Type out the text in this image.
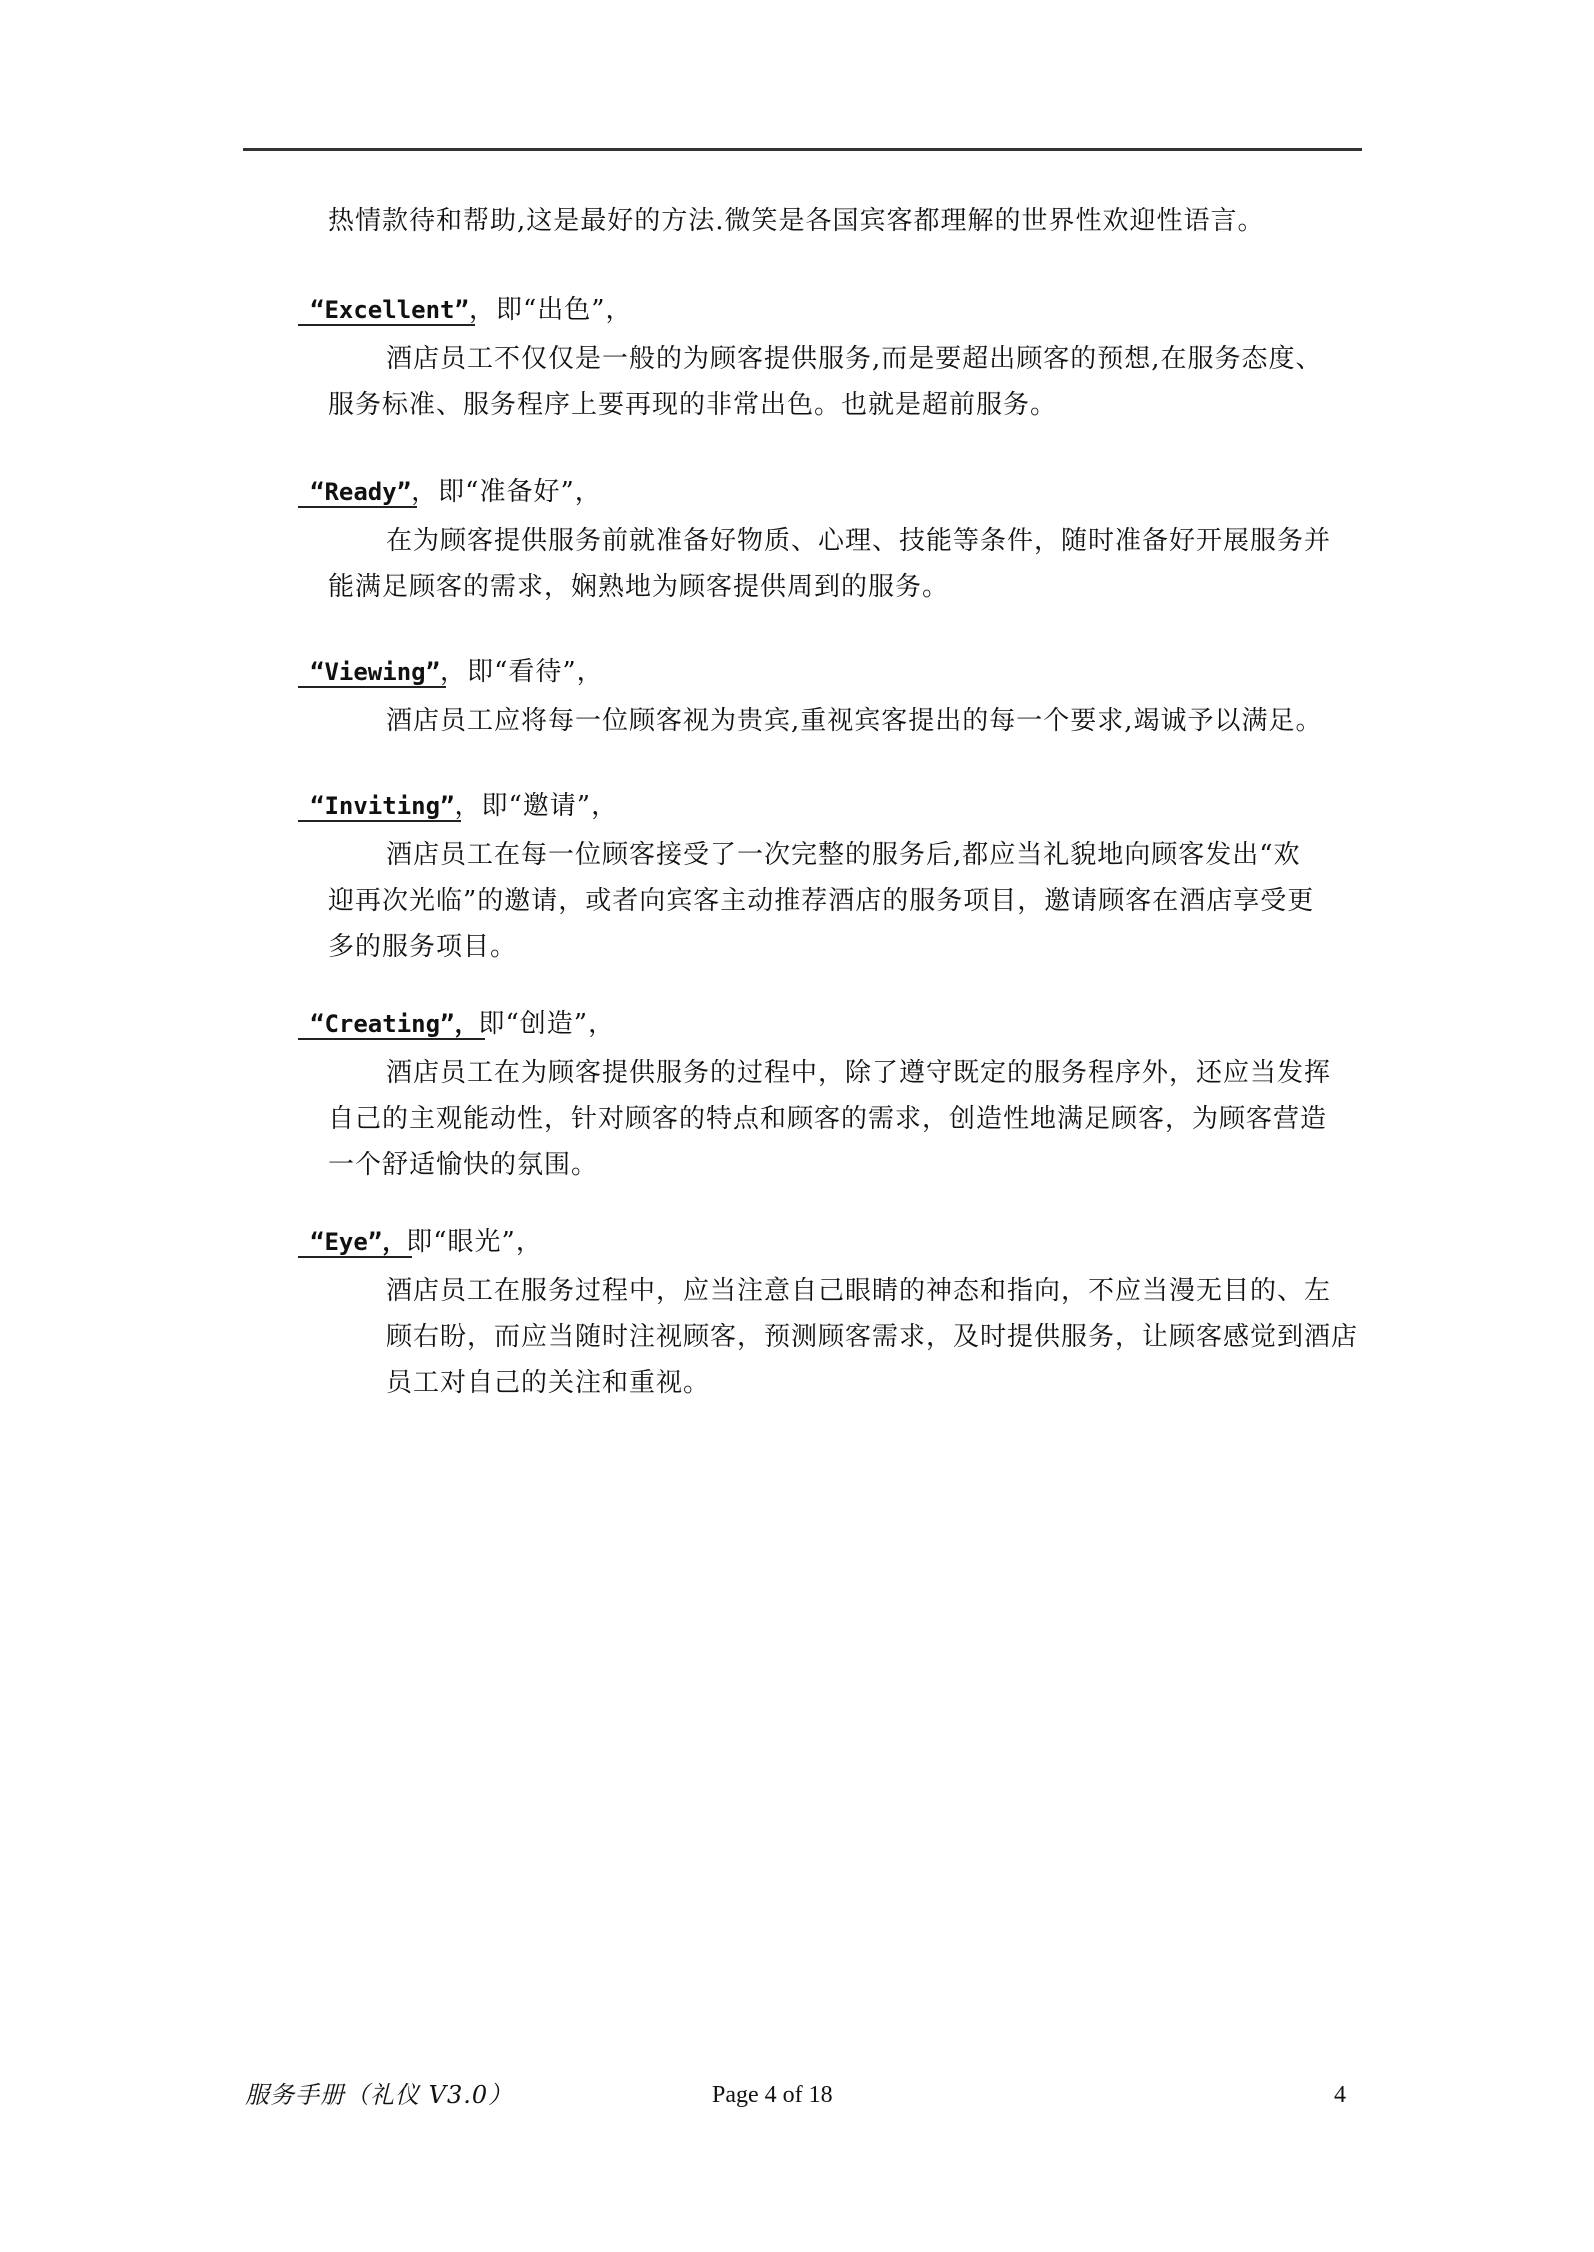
热情款待和帮助,这是最好的方法.微笑是各国宾客都理解的世界性欢迎性语言。

“Excellent”
，即“出色”，
酒店员工不仅仅是一般的为顾客提供服务,而是要超出顾客的预想,在服务态度、
服务标准、服务程序上要再现的非常出色。也就是超前服务。
“Ready”
，即“准备好”，
在为顾客提供服务前就准备好物质、心理、技能等条件，随时准备好开展服务并
能满足顾客的需求，娴熟地为顾客提供周到的服务。
“Viewing”
，即“看待”，
酒店员工应将每一位顾客视为贵宾,重视宾客提出的每一个要求,竭诚予以满足。
“Inviting”
，即“邀请”，
酒店员工在每一位顾客接受了一次完整的服务后,都应当礼貌地向顾客发出“欢
迎再次光临”的邀请，或者向宾客主动推荐酒店的服务项目，邀请顾客在酒店享受更
多的服务项目。
“Creating”，
即“创造”，
酒店员工在为顾客提供服务的过程中，除了遵守既定的服务程序外，还应当发挥
自己的主观能动性，针对顾客的特点和顾客的需求，创造性地满足顾客，为顾客营造
一个舒适愉快的氛围。
“Eye”，
即“眼光”，
酒店员工在服务过程中，应当注意自己眼睛的神态和指向，不应当漫无目的、左
顾右盼，而应当随时注视顾客，预测顾客需求，及时提供服务，让顾客感觉到酒店
员工对自己的关注和重视。
服务手册（礼仪 V3.0）	Page 4 of 18	4
